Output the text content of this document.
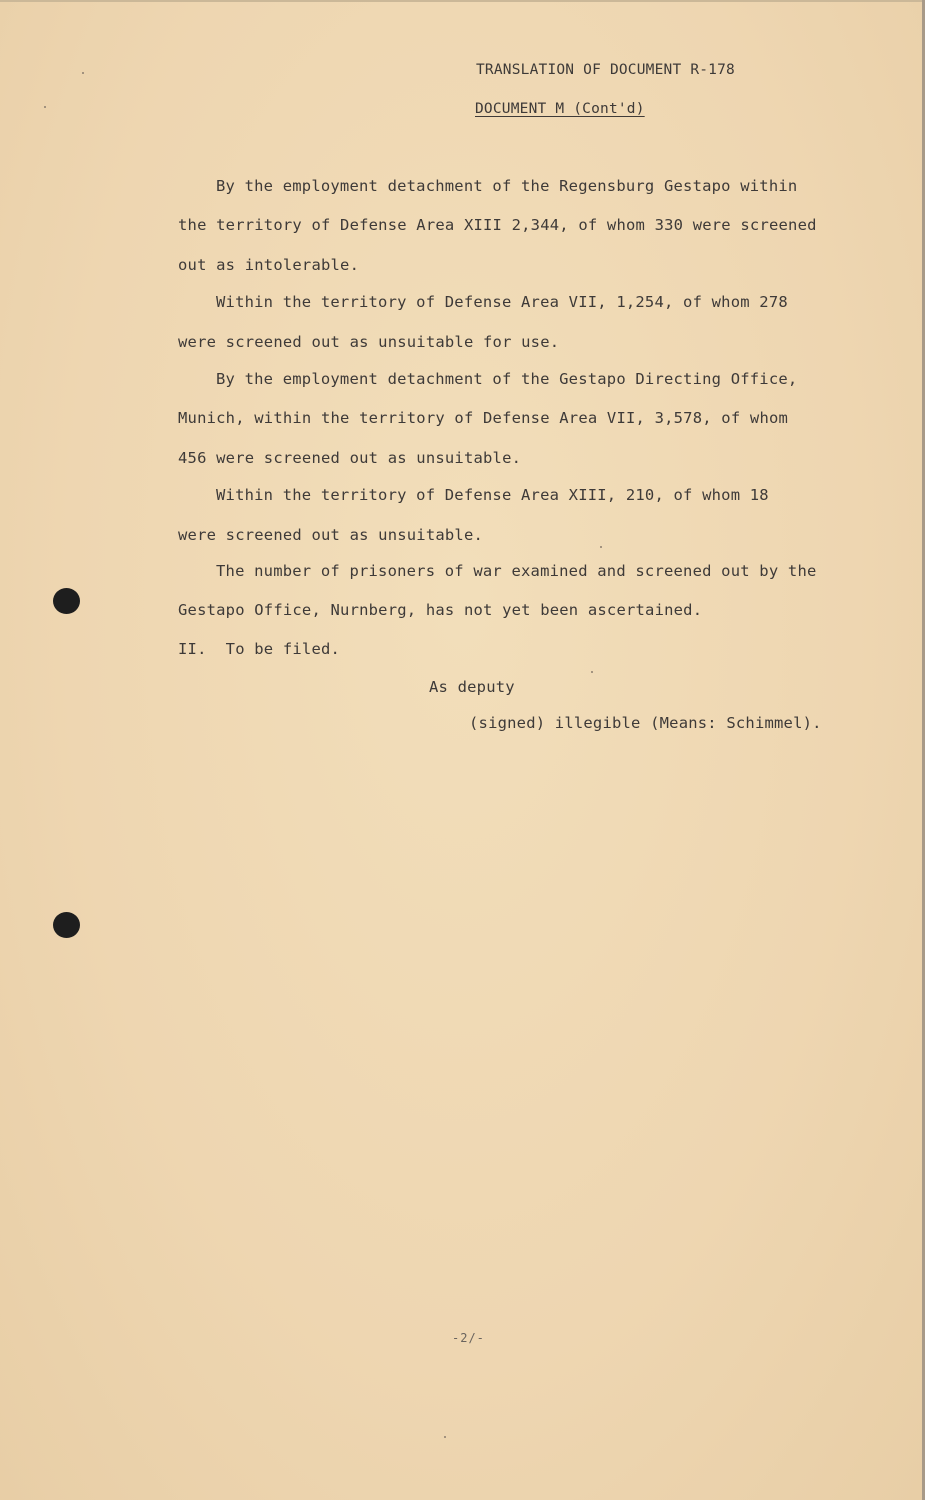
TRANSLATION OF DOCUMENT R-178
DOCUMENT M (Cont'd)
By the employment detachment of the Regensburg Gestapo within
the territory of Defense Area XIII 2,344, of whom 330 were screened
out as intolerable.
Within the territory of Defense Area VII, 1,254, of whom 278
were screened out as unsuitable for use.
By the employment detachment of the Gestapo Directing Office,
Munich, within the territory of Defense Area VII, 3,578, of whom
456 were screened out as unsuitable.
Within the territory of Defense Area XIII, 210, of whom 18
were screened out as unsuitable.
The number of prisoners of war examined and screened out by the
Gestapo Office, Nurnberg, has not yet been ascertained.
II.  To be filed.
As deputy
(signed) illegible (Means: Schimmel).
-2/-
